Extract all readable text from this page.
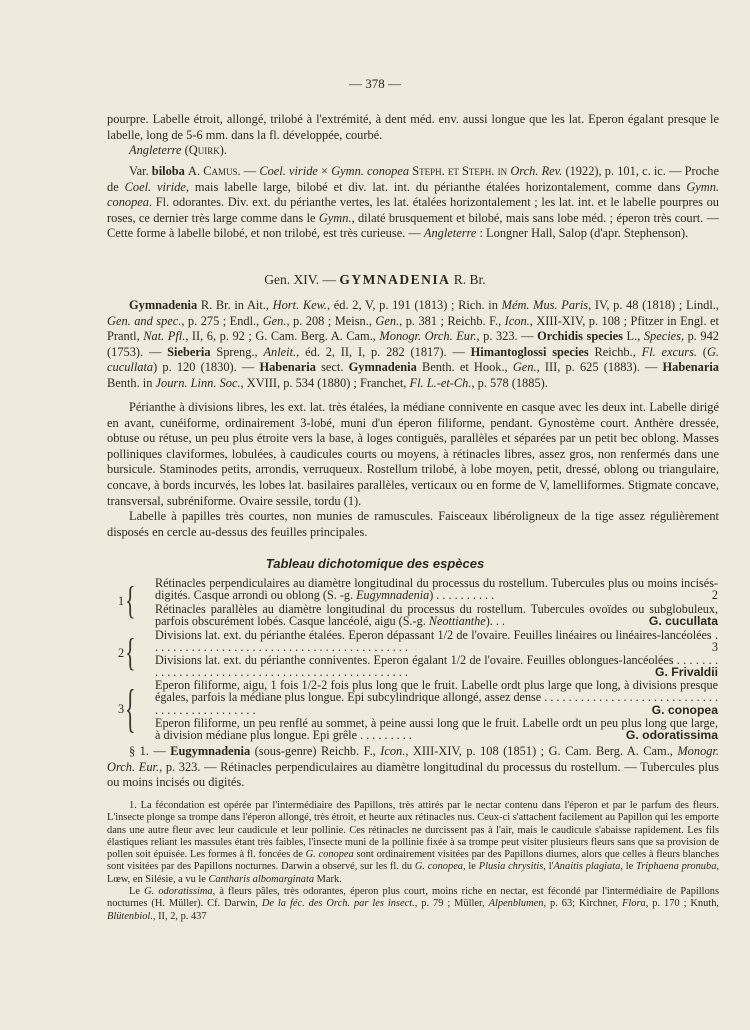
— 378 —

pourpre. Labelle étroit, allongé, trilobé à l'extrémité, à dent méd. env. aussi longue que les lat. Eperon égalant presque le labelle, long de 5-6 mm. dans la fl. développée, courbé.

Angleterre (Quirk).

Var. biloba A. Camus. — Coel. viride × Gymn. conopea Steph. et Steph. in Orch. Rev. (1922), p. 101, c. ic. — Proche de Coel. viride, mais labelle large, bilobé et div. lat. int. du périanthe étalées horizontalement, comme dans Gymn. conopea. Fl. odorantes. Div. ext. du périanthe vertes, les lat. étalées horizontalement ; les lat. int. et le labelle pourpres ou roses, ce dernier très large comme dans le Gymn., dilaté brusquement et bilobé, mais sans lobe méd. ; éperon très court. — Cette forme à labelle bilobé, et non trilobé, est très curieuse. — Angleterre : Longner Hall, Salop (d'apr. Stephenson).

Gen. XIV. — GYMNADENIA R. Br.

Gymnadenia R. Br. in Ait., Hort. Kew., éd. 2, V, p. 191 (1813) ; Rich. in Mém. Mus. Paris, IV, p. 48 (1818) ; Lindl., Gen. and spec., p. 275 ; Endl., Gen., p. 208 ; Meisn., Gen., p. 381 ; Reichb. F., Icon., XIII-XIV, p. 108 ; Pfitzer in Engl. et Prantl, Nat. Pfl., II, 6, p. 92 ; G. Cam. Berg. A. Cam., Monogr. Orch. Eur., p. 323. — Orchidis species L., Species, p. 942 (1753). — Sieberia Spreng., Anleit., éd. 2, II, I, p. 282 (1817). — Himantoglossi species Reichb., Fl. excurs. (G. cucullata) p. 120 (1830). — Habenaria sect. Gymnadenia Benth. et Hook., Gen., III, p. 625 (1883). — Habenaria Benth. in Journ. Linn. Soc., XVIII, p. 534 (1880) ; Franchet, Fl. L.-et-Ch., p. 578 (1885).

Périanthe à divisions libres, les ext. lat. très étalées, la médiane connivente en casque avec les deux int. Labelle dirigé en avant, cunéiforme, ordinairement 3-lobé, muni d'un éperon filiforme, pendant. Gynostème court. Anthère dressée, obtuse ou rétuse, un peu plus étroite vers la base, à loges contiguës, parallèles et séparées par un petit bec oblong. Masses polliniques claviformes, lobulées, à caudicules courts ou moyens, à rétinacles libres, assez gros, non renfermés dans une bursicule. Staminodes petits, arrondis, verruqueux. Rostellum trilobé, à lobe moyen, petit, dressé, oblong ou triangulaire, concave, à bords incurvés, les lobes lat. basilaires parallèles, verticaux ou en forme de V, lamelliformes. Stigmate concave, transversal, subréniforme. Ovaire sessile, tordu (1).

Labelle à papilles très courtes, non munies de ramuscules. Faisceaux libéroligneux de la tige assez régulièrement disposés en cercle au-dessus des feuilles principales.

Tableau dichotomique des espèces
1 { Rétinacles perpendiculaires au diamètre longitudinal du processus du rostellum. Tubercules plus ou moins incisés-digités. Casque arrondi ou oblong (S. -g. Eugymnadenia) . . . . . . . . . .	2
Rétinacles parallèles au diamètre longitudinal du processus du rostellum. Tubercules ovoïdes ou subglobuleux, parfois obscurément lobés. Casque lancéolé, aigu (S.-g. Neottianthe). . .	G. cucullata
2 { Divisions lat. ext. du périanthe étalées. Eperon dépassant 1/2 de l'ovaire. Feuilles linéaires ou linéaires-lancéolées . . . . . . . . . . . . . . . . . . . . . . . . . . . . . . . . . . . . . . . . . . .	3
Divisions lat. ext. du périanthe conniventes. Eperon égalant 1/2 de l'ovaire. Feuilles oblongues-lancéolées . . . . . . . . . . . . . . . . . . . . . . . . . . . . . . . . . . . . . . . . . . . . . . . . .	G. Frivaldii
3 { Eperon filiforme, aigu, 1 fois 1/2-2 fois plus long que le fruit. Labelle ordt plus large que long, à divisions presque égales, parfois la médiane plus longue. Epi subcylindrique allongé, assez dense . . . . . . . . . . . . . . . . . . . . . . . . . . . . . . . . . . . . . . . . . . . . . .	G. conopea
Eperon filiforme, un peu renflé au sommet, à peine aussi long que le fruit. Labelle ordt un peu plus long que large, à division médiane plus longue. Epi grêle . . . . . . . . .	G. odoratissima

§ 1. — Eugymnadenia (sous-genre) Reichb. F., Icon., XIII-XIV, p. 108 (1851) ; G. Cam. Berg. A. Cam., Monogr. Orch. Eur., p. 323. — Rétinacles perpendiculaires au diamètre longitudinal du processus du rostellum. — Tubercules plus ou moins incisés ou digités.

1. La fécondation est opérée par l'intermédiaire des Papillons, très attirés par le nectar contenu dans l'éperon et par le parfum des fleurs. L'insecte plonge sa trompe dans l'éperon allongé, très étroit, et heurte aux rétinacles nus. Ceux-ci s'attachent facilement au Papillon qui les emporte dans une autre fleur avec leur caudicule et leur pollinie. Ces rétinacles ne durcissent pas à l'air, mais le caudicule s'abaisse rapidement. Les fils élastiques reliant les massules étant très faibles, l'insecte muni de la pollinie fixée à sa trompe peut visiter plusieurs fleurs sans que sa provision de pollen soit épuisée. Les formes à fl. foncées de G. conopea sont ordinairement visitées par des Papillons diurnes, alors que celles à fleurs blanches sont visitées par des Papillons nocturnes. Darwin a observé, sur les fl. du G. conopea, le Plusia chrysitis, l'Anaitis plagiata, le Triphaena pronuba, Lœw, en Silésie, a vu le Cantharis albomarginata Mark.

Le G. odoratissima, à fleurs pâles, très odorantes, éperon plus court, moins riche en nectar, est fécondé par l'intermédiaire de Papillons nocturnes (H. Müller). Cf. Darwin, De la féc. des Orch. par les insect., p. 79 ; Müller, Alpenblumen, p. 63; Kirchner, Flora, p. 170 ; Knuth, Blütenbiol., II, 2, p. 437
